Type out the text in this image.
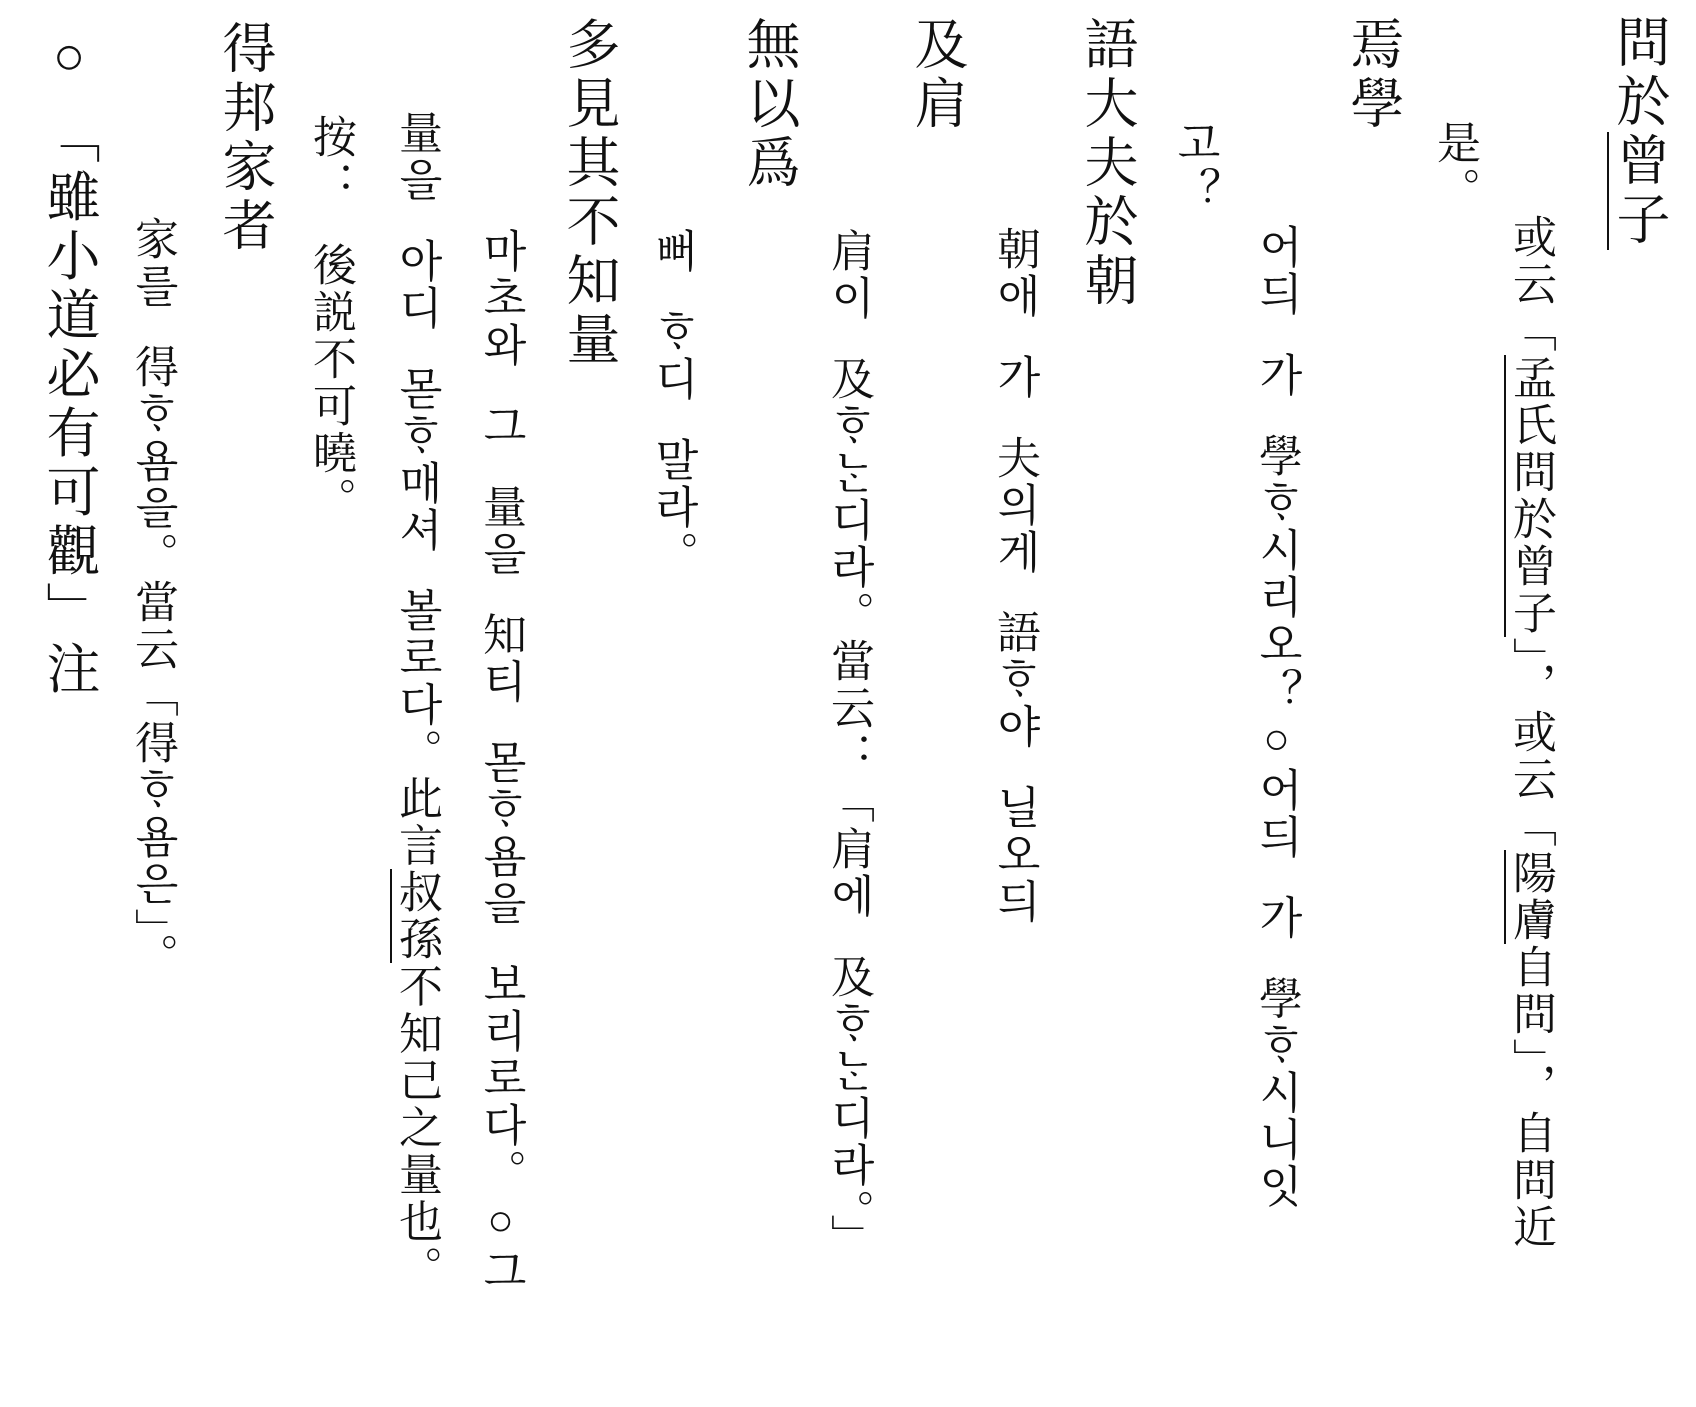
問於曾子
或云「孟氏問於曾子」，或云「陽膚自問」，自問近
是。
焉學
어듸 가 學ᄒᆞ시리오？○어듸 가 學ᄒᆞ시니잇
고？
語大夫於朝
朝애 가 夫의게 語ᄒᆞ야 닐오듸
及肩
肩이 及ᄒᆞᄂᆞᆫ디라。當云：「肩에 及ᄒᆞᄂᆞᆫ디라。」
無以爲
뻐 ᄒᆞ디 말라。
多見其不知量
마초와 그 量을 知티 몯ᄒᆞ욤을 보리로다。○그
量을 아디 몯ᄒᆞ매셔 볼로다。此言叔孫不知己之量也。
按： 後説不可曉。
得邦家者
家를 得ᄒᆞ욤을。當云「得ᄒᆞ욤은」。
○ 「雖小道必有可觀」注
